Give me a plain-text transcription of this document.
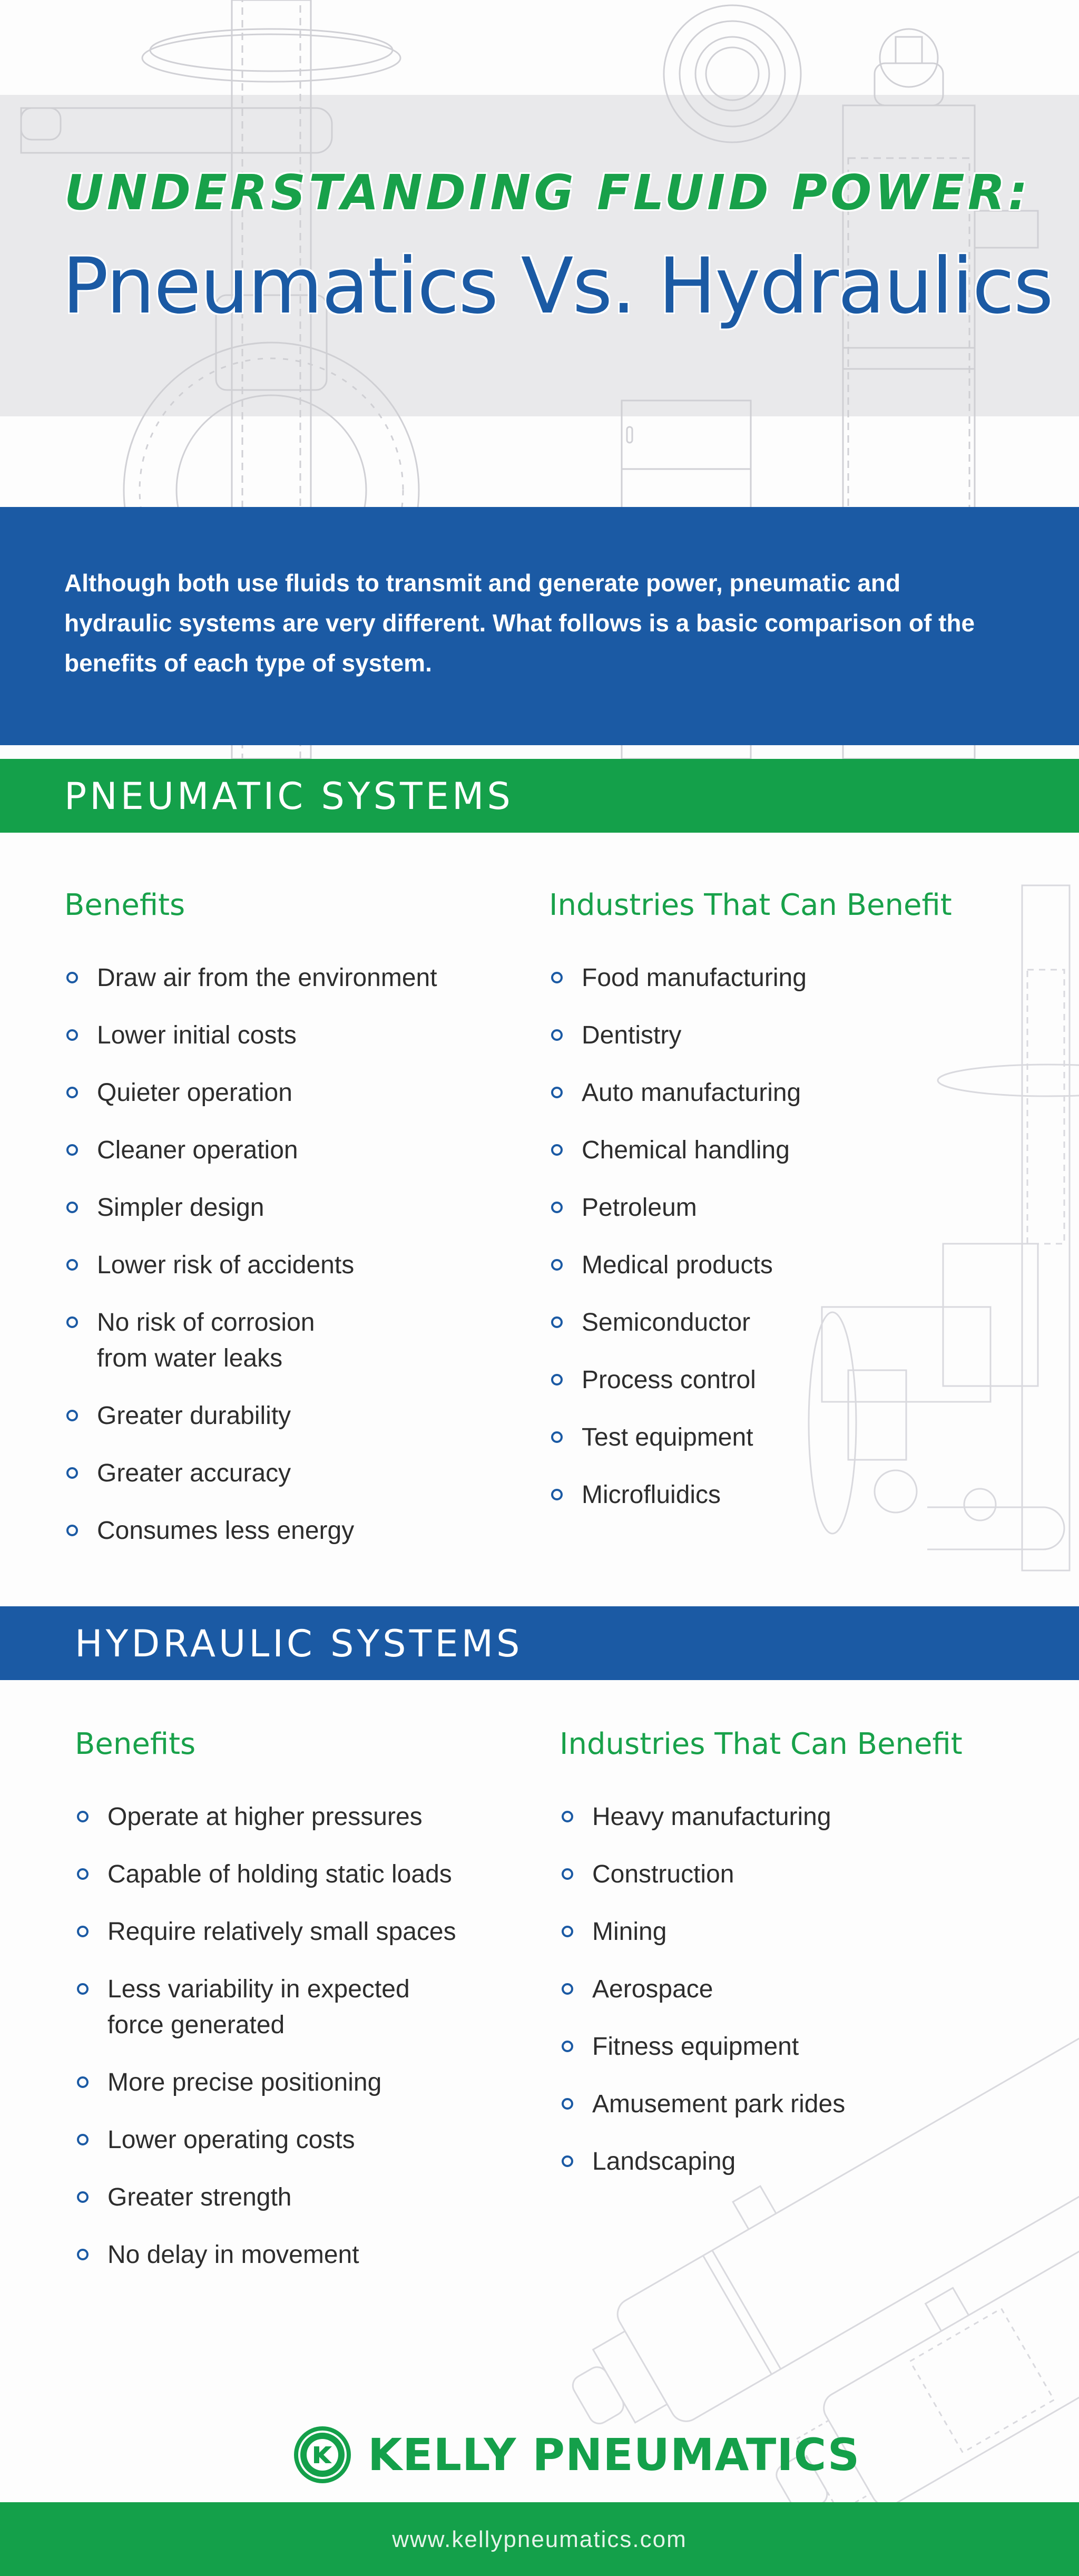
UNDERSTANDING FLUID POWER:
Pneumatics Vs. Hydraulics

Although both use fluids to transmit and generate power, pneumatic and hydraulic systems are very different. What follows is a basic comparison of the benefits of each type of system.

PNEUMATIC SYSTEMS
Benefits
Draw air from the environment
Lower initial costs
Quieter operation
Cleaner operation
Simpler design
Lower risk of accidents
No risk of corrosion
from water leaks
Greater durability
Greater accuracy
Consumes less energy
Industries That Can Benefit
Food manufacturing
Dentistry
Auto manufacturing
Chemical handling
Petroleum
Medical products
Semiconductor
Process control
Test equipment
Microfluidics
HYDRAULIC SYSTEMS
Benefits
Operate at higher pressures
Capable of holding static loads
Require relatively small spaces
Less variability in expected
force generated
More precise positioning
Lower operating costs
Greater strength
No delay in movement
Industries That Can Benefit
Heavy manufacturing
Construction
Mining
Aerospace
Fitness equipment
Amusement park rides
Landscaping
KELLY PNEUMATICS
www.kellypneumatics.com
